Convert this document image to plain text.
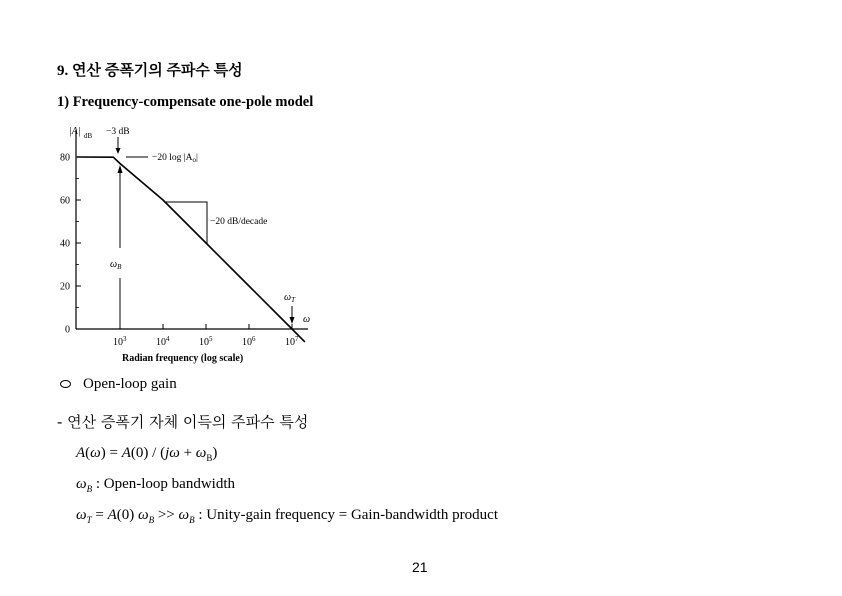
9. 연산 증폭기의 주파수 특성
1) Frequency-compensate one-pole model
|A| dB
80
60
40
20
0
$10^3$	$10^4$	$10^5$	$10^6$	$10^7$
−3 dB
−20 $\log |A_o|$
$\omega_B$
−20 dB/decade
$\omega_T$
ω
Radian frequency (log scale)
Open-loop gain
- 연산 증폭기 자체 이득의 주파수 특성
$A(\omega) = A(0) / (j\omega + \omega_B)$
$\omega_B$ : Open-loop bandwidth
$\omega_T = A(0) \omega_B >> \omega_B$ : Unity-gain frequency = Gain-bandwidth product
21
